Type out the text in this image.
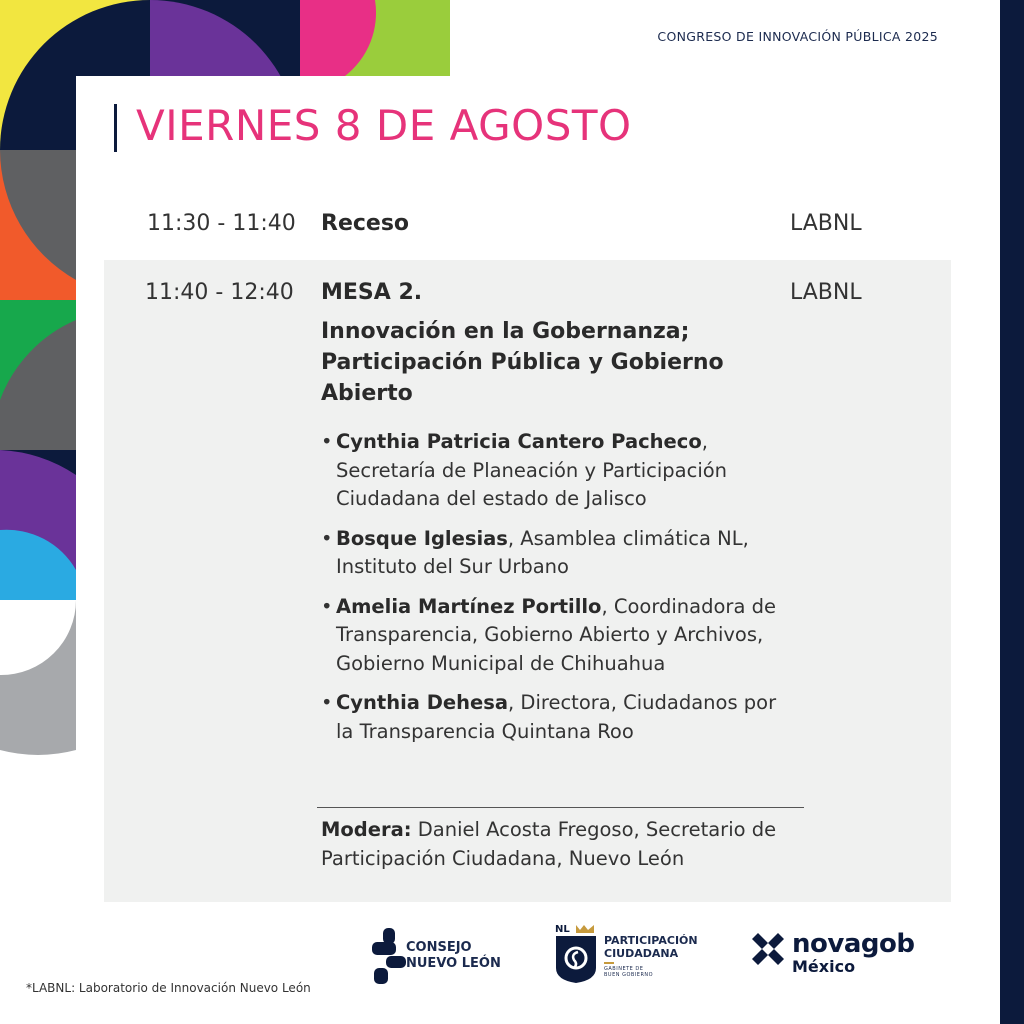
CONGRESO DE INNOVACIÓN PÚBLICA 2025
VIERNES 8 DE AGOSTO
11:30 - 11:40 Receso	LABNL
11:40 - 12:40 MESA 2.	LABNL
Innovación en la Gobernanza; Participación Pública y Gobierno Abierto
• Cynthia Patricia Cantero Pacheco, Secretaría de Planeación y Participación Ciudadana del estado de Jalisco
• Bosque Iglesias, Asamblea climática NL, Instituto del Sur Urbano
• Amelia Martínez Portillo, Coordinadora de Transparencia, Gobierno Abierto y Archivos, Gobierno Municipal de Chihuahua
• Cynthia Dehesa, Directora, Ciudadanos por la Transparencia Quintana Roo
Modera: Daniel Acosta Fregoso, Secretario de Participación Ciudadana, Nuevo León
*LABNL: Laboratorio de Innovación Nuevo León
CONSEJO
NUEVO LEÓN
NL
PARTICIPACIÓN
CIUDADANA
GABINETE DE
BUEN GOBIERNO
novagob
México
